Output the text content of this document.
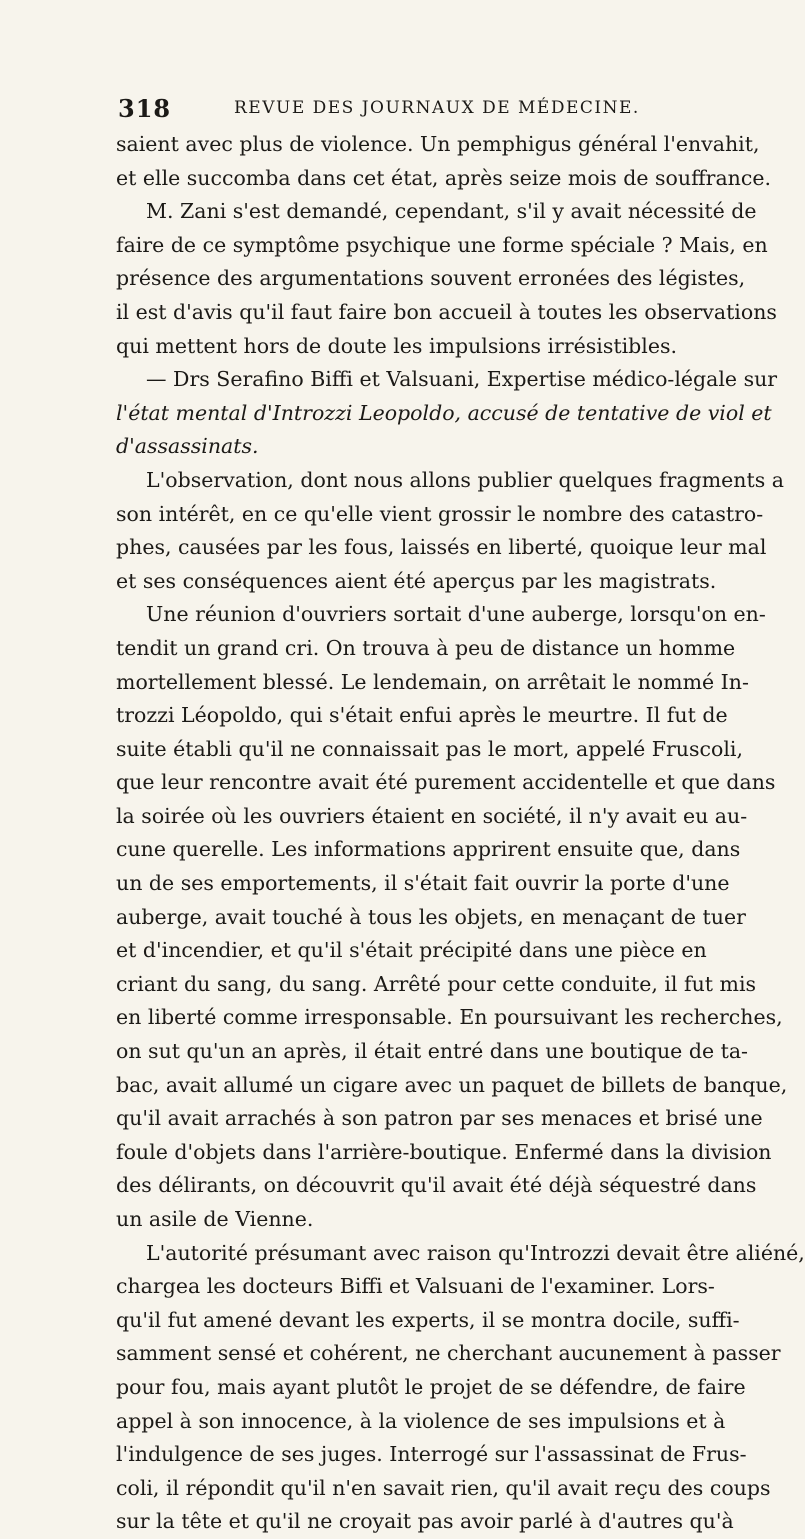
318	REVUE DES JOURNAUX DE MÉDECINE.
saient avec plus de violence. Un pemphigus général l'envahit,
et elle succomba dans cet état, après seize mois de souffrance.
M. Zani s'est demandé, cependant, s'il y avait nécessité de
faire de ce symptôme psychique une forme spéciale ? Mais, en
présence des argumentations souvent erronées des légistes,
il est d'avis qu'il faut faire bon accueil à toutes les observations
qui mettent hors de doute les impulsions irrésistibles.
— Drs Serafino Biffi et Valsuani, Expertise médico-légale sur
l'état mental d'Introzzi Leopoldo, accusé de tentative de viol et
d'assassinats.
L'observation, dont nous allons publier quelques fragments a
son intérêt, en ce qu'elle vient grossir le nombre des catastro-
phes, causées par les fous, laissés en liberté, quoique leur mal
et ses conséquences aient été aperçus par les magistrats.
Une réunion d'ouvriers sortait d'une auberge, lorsqu'on en-
tendit un grand cri. On trouva à peu de distance un homme
mortellement blessé. Le lendemain, on arrêtait le nommé In-
trozzi Léopoldo, qui s'était enfui après le meurtre. Il fut de
suite établi qu'il ne connaissait pas le mort, appelé Fruscoli,
que leur rencontre avait été purement accidentelle et que dans
la soirée où les ouvriers étaient en société, il n'y avait eu au-
cune querelle. Les informations apprirent ensuite que, dans
un de ses emportements, il s'était fait ouvrir la porte d'une
auberge, avait touché à tous les objets, en menaçant de tuer
et d'incendier, et qu'il s'était précipité dans une pièce en
criant du sang, du sang. Arrêté pour cette conduite, il fut mis
en liberté comme irresponsable. En poursuivant les recherches,
on sut qu'un an après, il était entré dans une boutique de ta-
bac, avait allumé un cigare avec un paquet de billets de banque,
qu'il avait arrachés à son patron par ses menaces et brisé une
foule d'objets dans l'arrière-boutique. Enfermé dans la division
des délirants, on découvrit qu'il avait été déjà séquestré dans
un asile de Vienne.
L'autorité présumant avec raison qu'Introzzi devait être aliéné,
chargea les docteurs Biffi et Valsuani de l'examiner. Lors-
qu'il fut amené devant les experts, il se montra docile, suffi-
samment sensé et cohérent, ne cherchant aucunement à passer
pour fou, mais ayant plutôt le projet de se défendre, de faire
appel à son innocence, à la violence de ses impulsions et à
l'indulgence de ses juges. Interrogé sur l'assassinat de Frus-
coli, il répondit qu'il n'en savait rien, qu'il avait reçu des coups
sur la tête et qu'il ne croyait pas avoir parlé à d'autres qu'à
